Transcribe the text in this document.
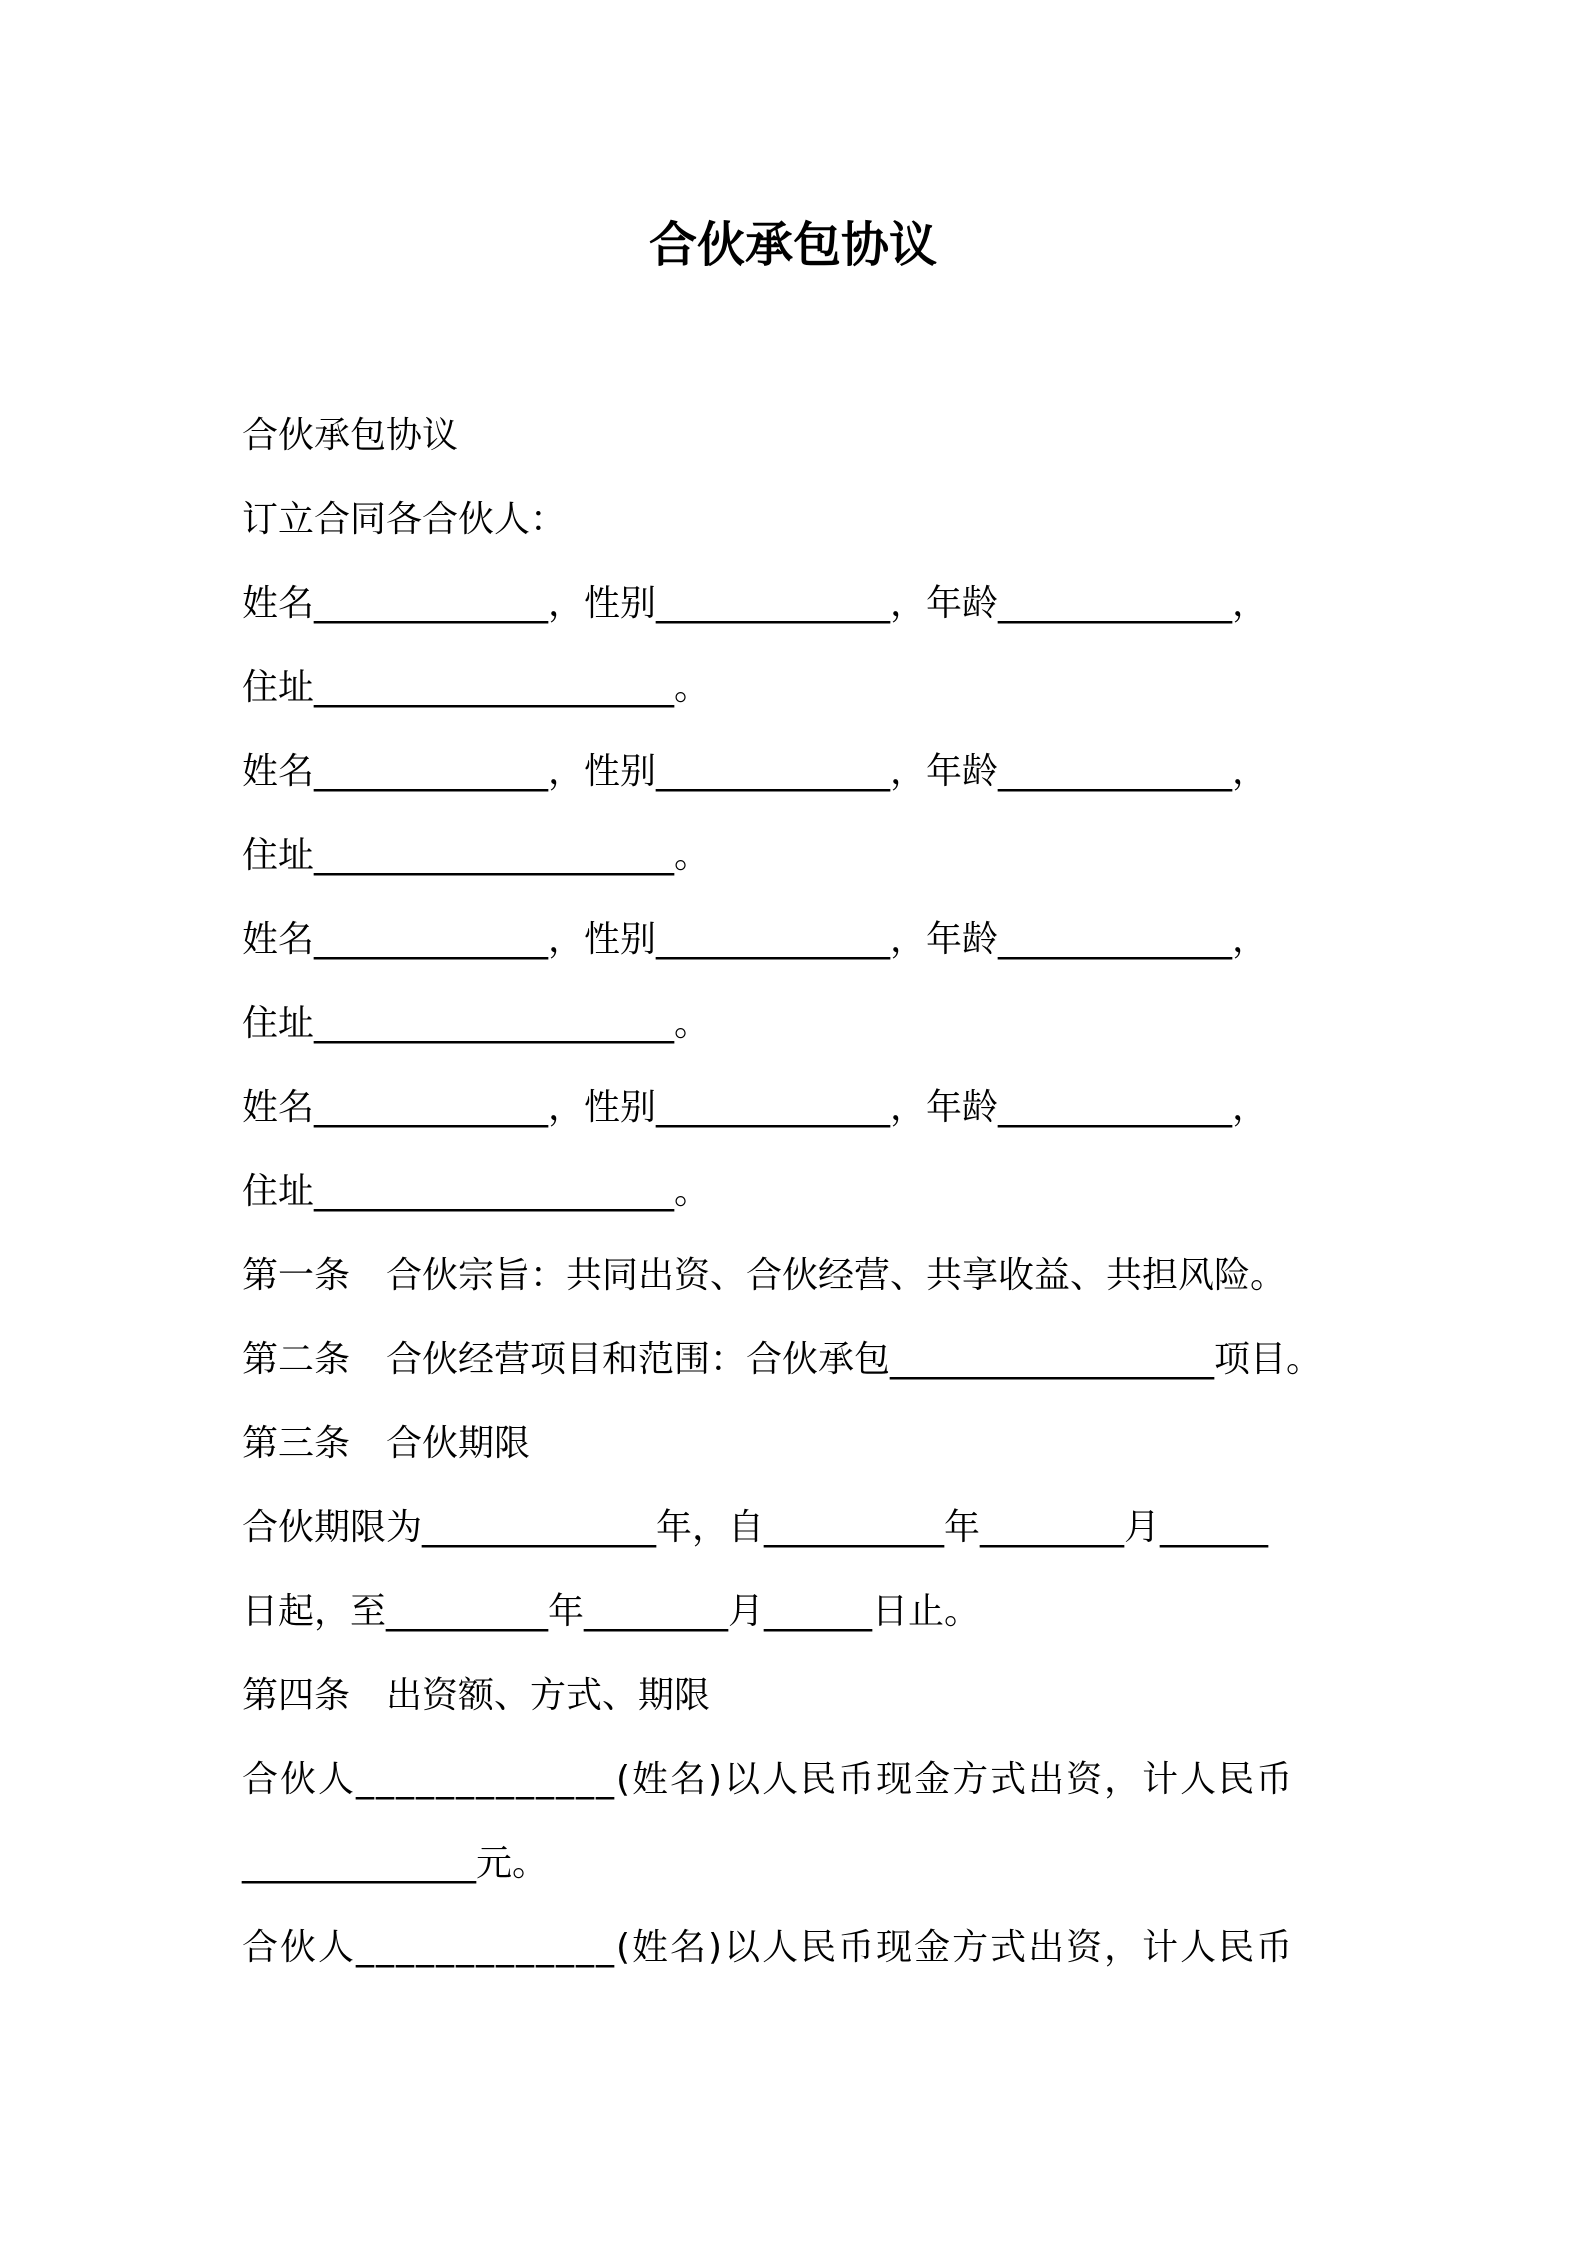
合伙承包协议
合伙承包协议
订立合同各合伙人：
姓名_____________，性别_____________，年龄_____________，
住址____________________。
姓名_____________，性别_____________，年龄_____________，
住址____________________。
姓名_____________，性别_____________，年龄_____________，
住址____________________。
姓名_____________，性别_____________，年龄_____________，
住址____________________。
第一条　合伙宗旨：共同出资、合伙经营、共享收益、共担风险。
第二条　合伙经营项目和范围：合伙承包__________________项目。
第三条　合伙期限
合伙期限为_____________年，自__________年________月______
日起，至_________年________月______日止。
第四条　出资额、方式、期限
合伙人_____________(姓名)以人民币现金方式出资，计人民币
_____________元。
合伙人_____________(姓名)以人民币现金方式出资，计人民币
